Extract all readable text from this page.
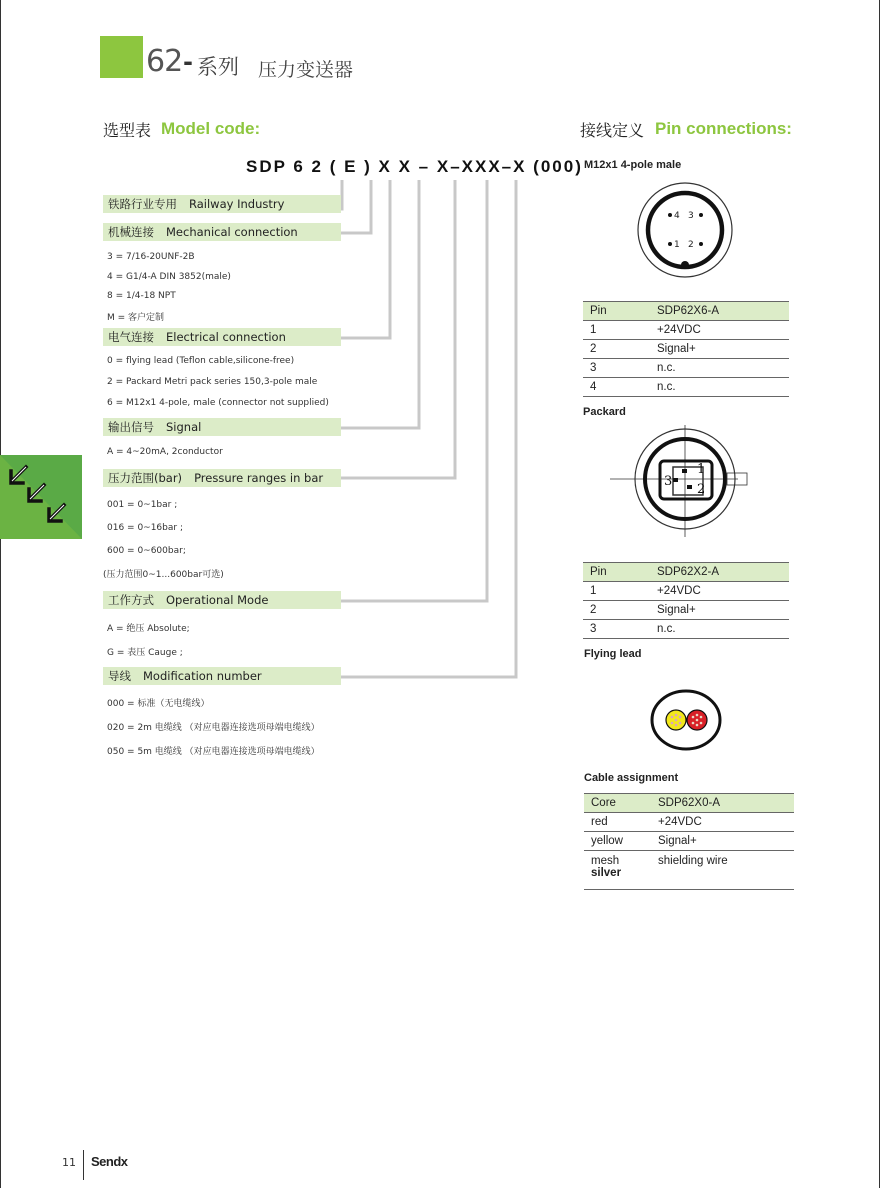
62 - 系列 压力变送器
选型表 Model code:
SDP 6 2 ( E ) X X – X–XXX–X (000)
铁路行业专用 Railway Industry
机械连接 Mechanical connection
3 = 7/16-20UNF-2B
4 = G1/4-A DIN 3852(male)
8 = 1/4-18 NPT
M = 客户定制
电气连接 Electrical connection
0 = flying lead (Teflon cable,silicone-free)
2 = Packard Metri pack series 150,3-pole male
6 = M12x1 4-pole, male (connector not supplied)
输出信号 Signal
A = 4~20mA, 2conductor
压力范围(bar) Pressure ranges in bar
001 = 0~1bar ;
016 = 0~16bar ;
600 = 0~600bar;
(压力范围0~1...600bar可选)
工作方式 Operational Mode
A = 绝压 Absolute;
G = 表压 Cauge ;
导线 Modification number
000 = 标准（无电缆线）
020 = 2m 电缆线 （对应电器连接选项母端电缆线）
050 = 5m 电缆线 （对应电器连接选项母端电缆线）
接线定义 Pin connections:
M12x1 4-pole male
4 3
1 2
Pin	SDP62X6-A
1	+24VDC
2	Signal+
3	n.c.
4	n.c.
Packard
1
2
3
Pin	SDP62X2-A
1	+24VDC
2	Signal+
3	n.c.
Flying lead
Cable assignment
Core	SDP62X0-A
red	+24VDC
yellow	Signal+

mesh
silver	shielding wire
11 Sendx
